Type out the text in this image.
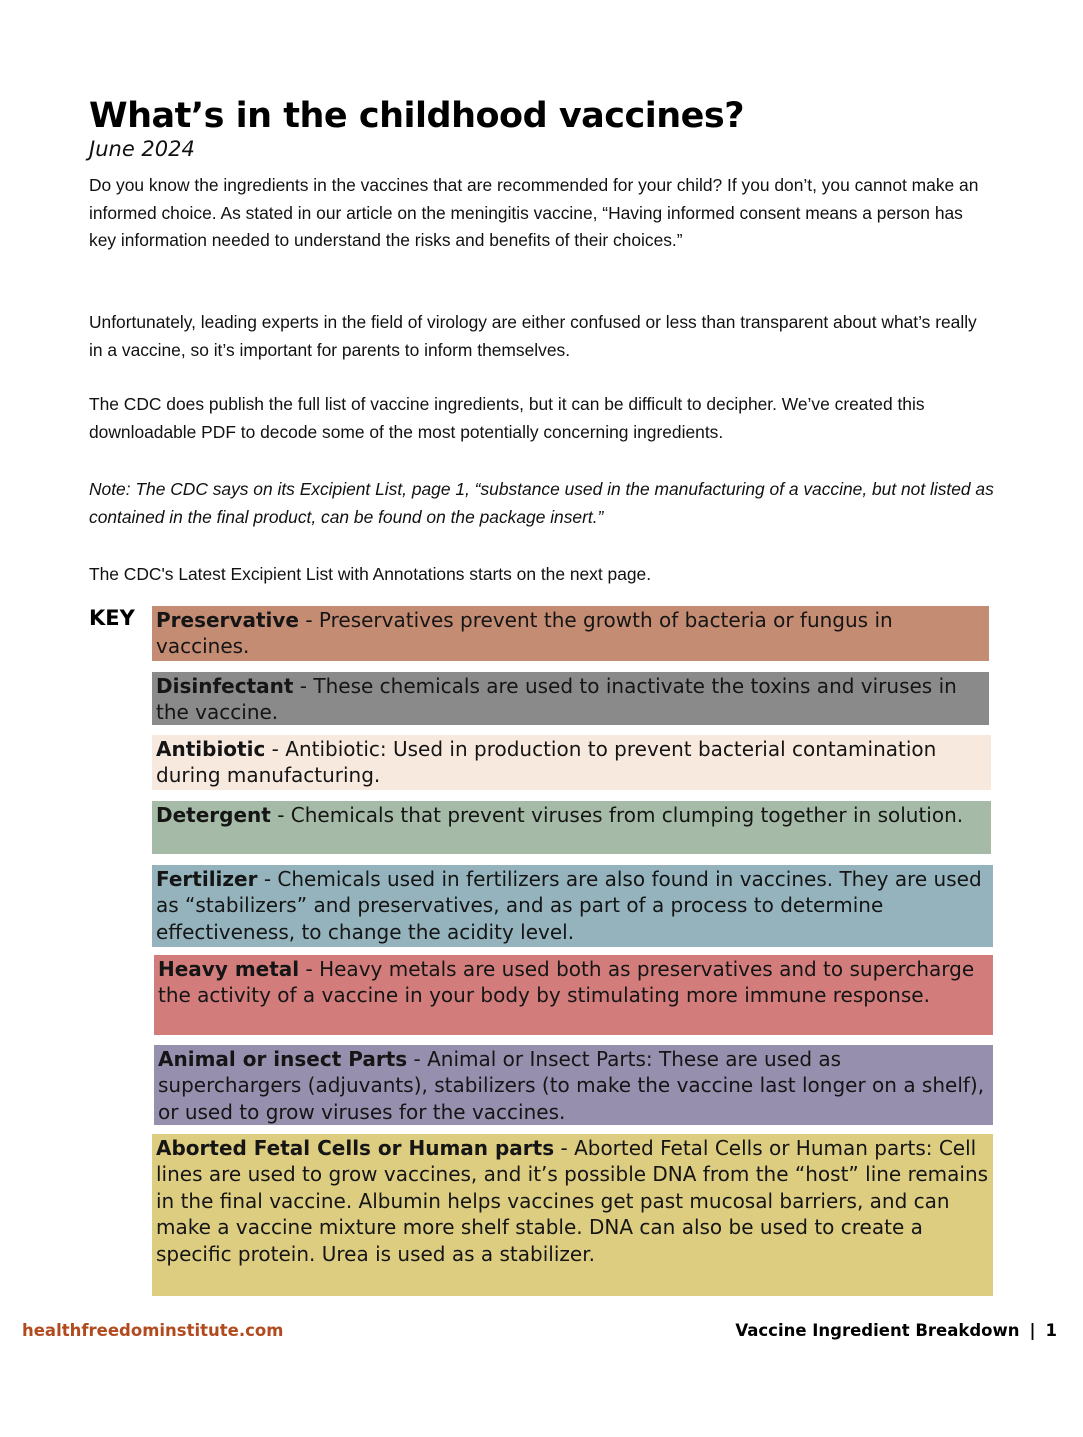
What’s in the childhood vaccines?
June 2024
Do you know the ingredients in the vaccines that are recommended for your child? If you don’t, you cannot make an informed choice. As stated in our article on the meningitis vaccine, “Having informed consent means a person has key information needed to understand the risks and benefits of their choices.”
Unfortunately, leading experts in the field of virology are either confused or less than transparent about what’s really in a vaccine, so it’s important for parents to inform themselves.
The CDC does publish the full list of vaccine ingredients, but it can be difficult to decipher. We’ve created this downloadable PDF to decode some of the most potentially concerning ingredients.
Note: The CDC says on its Excipient List, page 1, “substance used in the manufacturing of a vaccine, but not listed as contained in the final product, can be found on the package insert.”
The CDC's Latest Excipient List with Annotations starts on the next page.
KEY Preservative - Preservatives prevent the growth of bacteria or fungus in vaccines.
Disinfectant - These chemicals are used to inactivate the toxins and viruses in the vaccine.
Antibiotic - Antibiotic: Used in production to prevent bacterial contamination during manufacturing.
Detergent - Chemicals that prevent viruses from clumping together in solution.
Fertilizer - Chemicals used in fertilizers are also found in vaccines. They are used as “stabilizers” and preservatives, and as part of a process to determine effectiveness, to change the acidity level.
Heavy metal - Heavy metals are used both as preservatives and to supercharge the activity of a vaccine in your body by stimulating more immune response.
Animal or insect Parts - Animal or Insect Parts: These are used as superchargers (adjuvants), stabilizers (to make the vaccine last longer on a shelf), or used to grow viruses for the vaccines.
Aborted Fetal Cells or Human parts - Aborted Fetal Cells or Human parts: Cell lines are used to grow vaccines, and it’s possible DNA from the “host” line remains in the final vaccine. Albumin helps vaccines get past mucosal barriers, and can make a vaccine mixture more shelf stable. DNA can also be used to create a specific protein. Urea is used as a stabilizer.
healthfreedominstitute.com	Vaccine Ingredient Breakdown | 1
